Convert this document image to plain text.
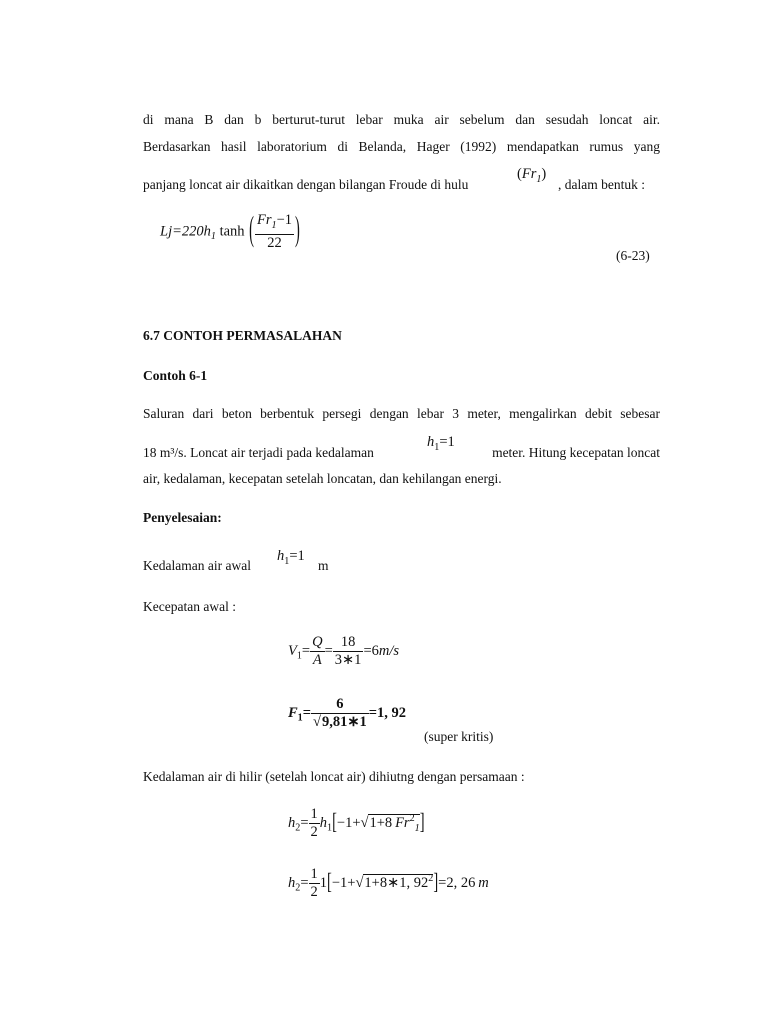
di mana B dan b berturut-turut lebar muka air sebelum dan sesudah loncat air.
Berdasarkan hasil laboratorium di Belanda, Hager (1992) mendapatkan rumus yang
panjang loncat air dikaitkan dengan bilangan Froude di hulu
$(Fr_1)$
, dalam bentuk :
$Lj=220h_1$ tanh ( $\frac{Fr_1-1}{22}$ )
(6-23)
6.7 CONTOH PERMASALAHAN
Contoh 6-1
Saluran dari beton berbentuk persegi dengan lebar 3 meter, mengalirkan debit sebesar
18 m³/s. Loncat air terjadi pada kedalaman
$h_1=1$
meter. Hitung kecepatan loncat
air, kedalaman, kecepatan setelah loncatan, dan kehilangan energi.
Penyelesaian:
Kedalaman air awal
$h_1=1$
m
Kecepatan awal :
$V_1= \frac{Q}{A} = \frac{18}{3∗1} =6m/s$
$F_1= \frac{6}{√9,81∗1} =1$, 92
(super kritis)
Kedalaman air di hilir (setelah loncat air) dihiutng dengan persamaan :
$h_2= \frac{1}{2} h_1[-1+√1+8$  $Fr^2_1$]
$h_2= \frac{1}{2}$ 1[−1+√1+8∗1, $92^2]=2$, 26  m
